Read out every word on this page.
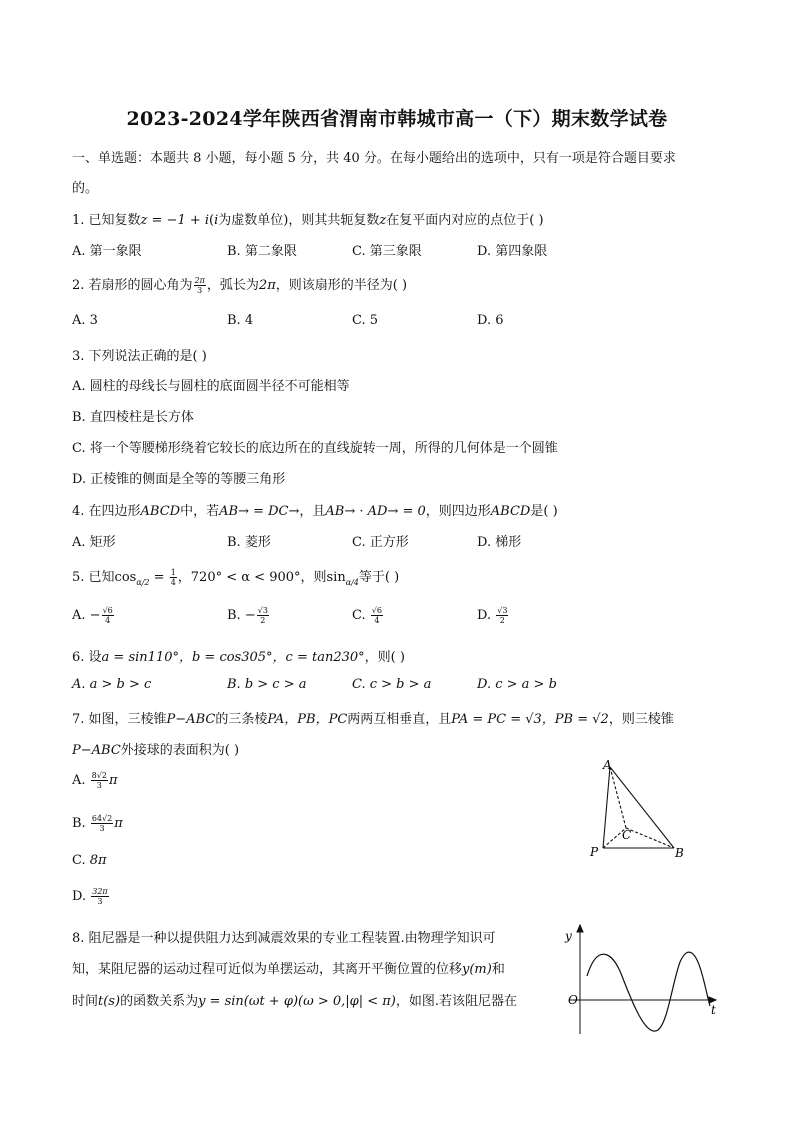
2023-2024学年陕西省渭南市韩城市高一（下）期末数学试卷
一、单选题：本题共 8 小题，每小题 5 分，共 40 分。在每小题给出的选项中，只有一项是符合题目要求
的。
1. 已知复数z = −1 + i(i为虚数单位)，则其共轭复数z在复平面内对应的点位于( )
A. 第一象限	B. 第二象限	C. 第三象限	D. 第四象限
2. 若扇形的圆心角为 $\frac{2\pi}{3}$ ，弧长为2π，则该扇形的半径为( )
A. 3	B. 4	C. 5	D. 6
3. 下列说法正确的是( )
A. 圆柱的母线长与圆柱的底面圆半径不可能相等
B. 直四棱柱是长方体
C. 将一个等腰梯形绕着它较长的底边所在的直线旋转一周，所得的几何体是一个圆锥
D. 正棱锥的侧面是全等的等腰三角形
4. 在四边形ABCD中，若AB→ = DC→，且AB→ · AD→ = 0，则四边形ABCD是( )
A. 矩形	B. 菱形	C. 正方形	D. 梯形
5. 已知$\cos_{\alpha/2} = \frac{1}{4}$ ，720° < α < 900°，则$\sin_{\alpha/4}$等于( )
A. − $\frac{√6}{4}$	B. − $\frac{√3}{2}$	C. $\frac{√6}{4}$	D. $\frac{√3}{2}$
6. 设a = sin110°，b = cos305°，c = tan230°，则( )
A. a > b > c	B. b > c > a	C. c > b > a	D. c > a > b
7. 如图，三棱锥P−ABC的三条棱PA，PB，PC两两互相垂直，且PA = PC = √3，PB = √2，则三棱锥
P−ABC外接球的表面积为( )
A. $\frac{8√2}{3}$ π
B. $\frac{64√2}{3}$ π
C. 8π
D. $\frac{32\pi}{3}$
A
P	B
C
8. 阻尼器是一种以提供阻力达到减震效果的专业工程装置.由物理学知识可
知，某阻尼器的运动过程可近似为单摆运动，其离开平衡位置的位移y(m)和
时间t(s)的函数关系为y = sin(ωt + φ)(ω > 0,|φ| < π)，如图.若该阻尼器在
y
t
O
